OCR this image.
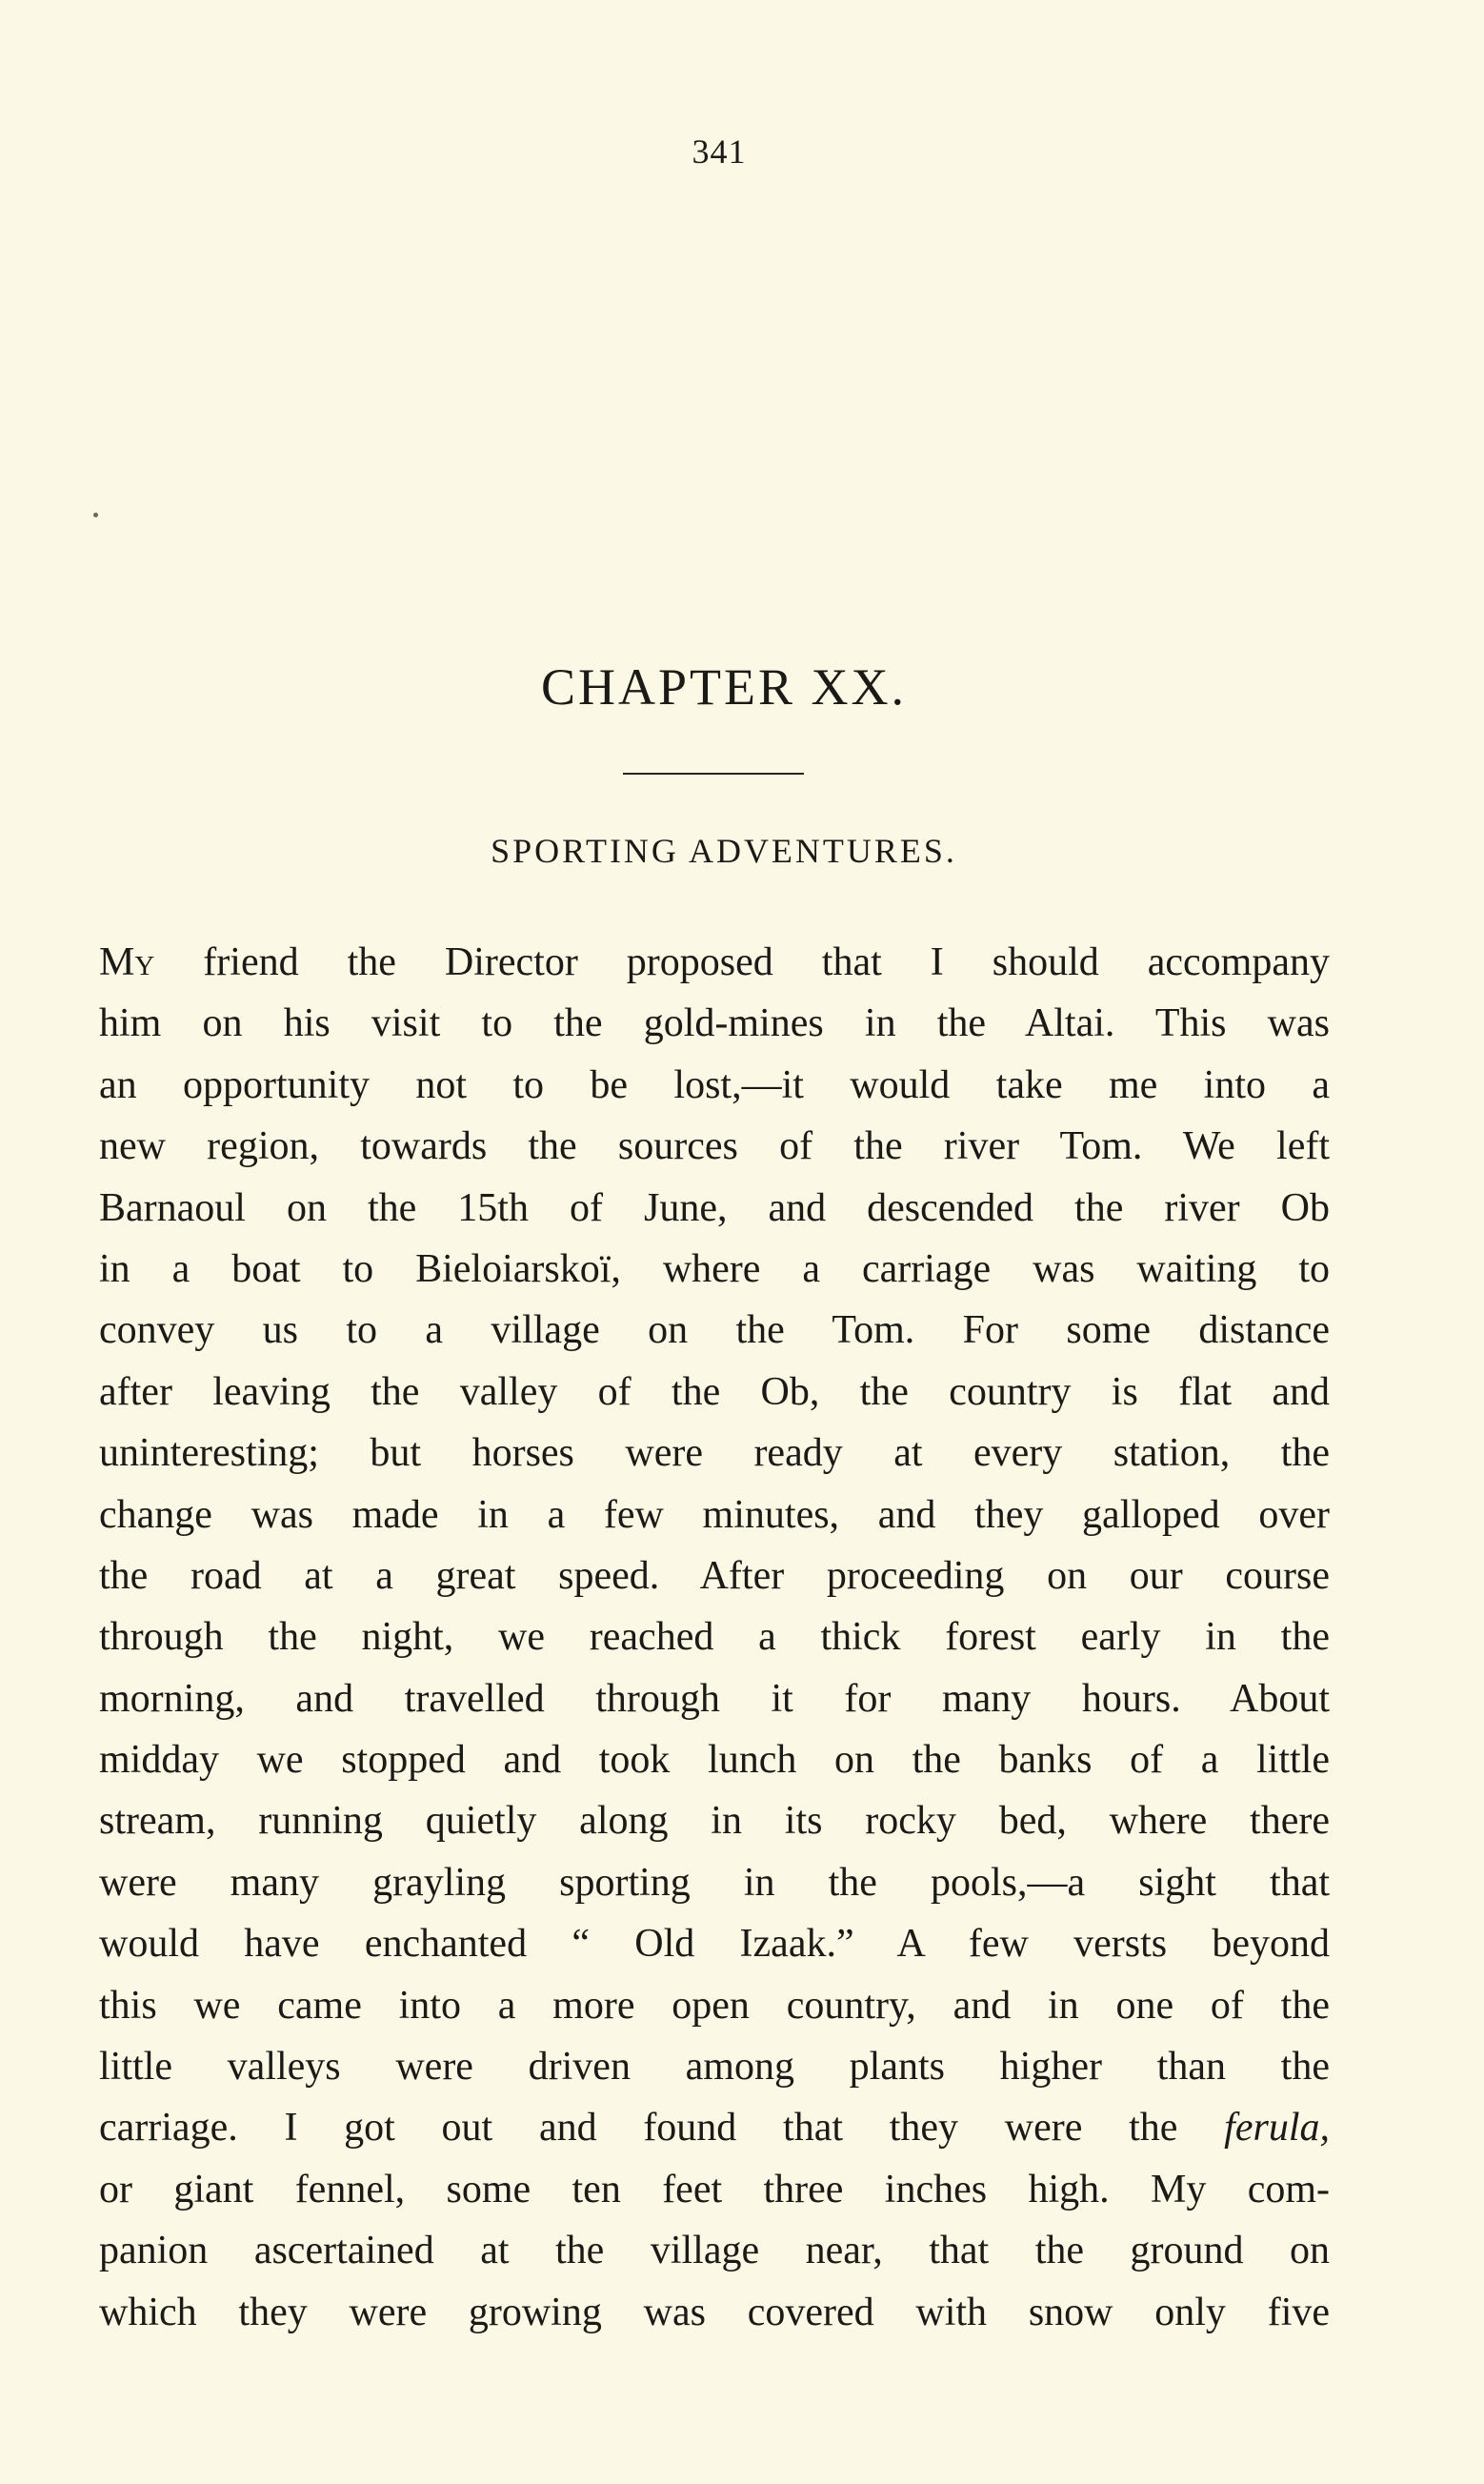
341
CHAPTER XX.
SPORTING ADVENTURES.
My friend the Director proposed that I should accompany
him on his visit to the gold-mines in the Altai. This was
an opportunity not to be lost,—it would take me into a
new region, towards the sources of the river Tom. We left
Barnaoul on the 15th of June, and descended the river Ob
in a boat to Bieloiarskoï, where a carriage was waiting to
convey us to a village on the Tom. For some distance
after leaving the valley of the Ob, the country is flat and
uninteresting; but horses were ready at every station, the
change was made in a few minutes, and they galloped over
the road at a great speed. After proceeding on our course
through the night, we reached a thick forest early in the
morning, and travelled through it for many hours. About
midday we stopped and took lunch on the banks of a little
stream, running quietly along in its rocky bed, where there
were many grayling sporting in the pools,—a sight that
would have enchanted “ Old Izaak.” A few versts beyond
this we came into a more open country, and in one of the
little valleys were driven among plants higher than the
carriage. I got out and found that they were the ferula,
or giant fennel, some ten feet three inches high. My com-
panion ascertained at the village near, that the ground on
which they were growing was covered with snow only five
